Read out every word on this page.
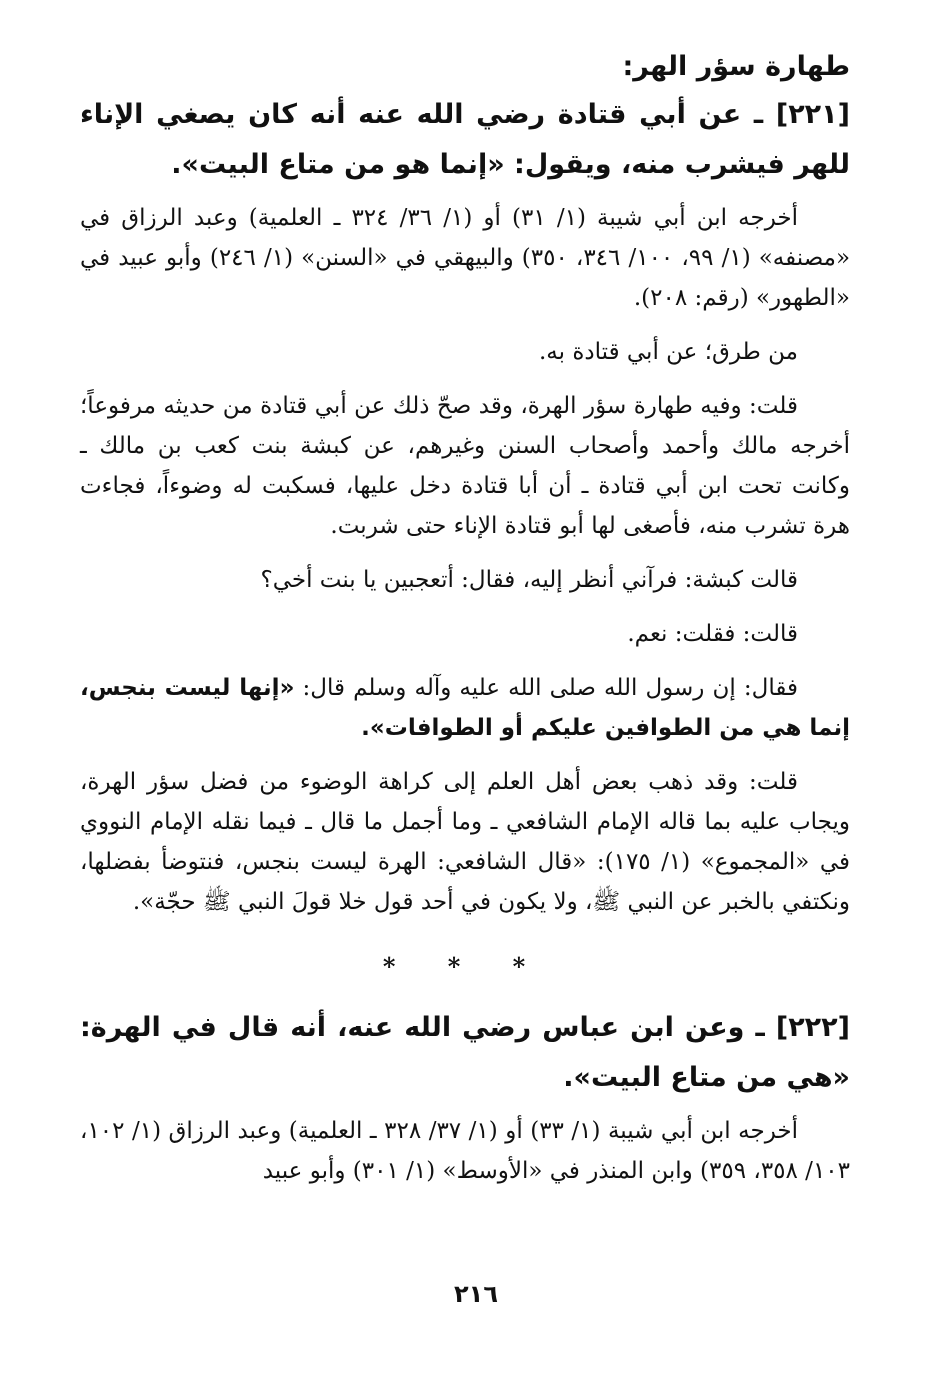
طهارة سؤر الهر:
[٢٢١] ـ عن أبي قتادة رضي الله عنه أنه كان يصغي الإناء للهر فيشرب منه، ويقول: «إنما هو من متاع البيت».
أخرجه ابن أبي شيبة (١/ ٣١) أو (١/ ٣٦/ ٣٢٤ ـ العلمية) وعبد الرزاق في «مصنفه» (١/ ٩٩، ١٠٠/ ٣٤٦، ٣٥٠) والبيهقي في «السنن» (١/ ٢٤٦) وأبو عبيد في «الطهور» (رقم: ٢٠٨).
من طرق؛ عن أبي قتادة به.
قلت: وفيه طهارة سؤر الهرة، وقد صحّ ذلك عن أبي قتادة من حديثه مرفوعاً؛ أخرجه مالك وأحمد وأصحاب السنن وغيرهم، عن كبشة بنت كعب بن مالك ـ وكانت تحت ابن أبي قتادة ـ أن أبا قتادة دخل عليها، فسكبت له وضوءاً، فجاءت هرة تشرب منه، فأصغى لها أبو قتادة الإناء حتى شربت.
قالت كبشة: فرآني أنظر إليه، فقال: أتعجبين يا بنت أخي؟
قالت: فقلت: نعم.
فقال: إن رسول الله صلى الله عليه وآله وسلم قال: «إنها ليست بنجس، إنما هي من الطوافين عليكم أو الطوافات».
قلت: وقد ذهب بعض أهل العلم إلى كراهة الوضوء من فضل سؤر الهرة، ويجاب عليه بما قاله الإمام الشافعي ـ وما أجمل ما قال ـ فيما نقله الإمام النووي في «المجموع» (١/ ١٧٥): «قال الشافعي: الهرة ليست بنجس، فنتوضأ بفضلها، ونكتفي بالخبر عن النبي ﷺ، ولا يكون في أحد قول خلا قولَ النبي ﷺ حجّة».
* * *
[٢٢٢] ـ وعن ابن عباس رضي الله عنه، أنه قال في الهرة: «هي من متاع البيت».
أخرجه ابن أبي شيبة (١/ ٣٣) أو (١/ ٣٧/ ٣٢٨ ـ العلمية) وعبد الرزاق (١/ ١٠٢، ١٠٣/ ٣٥٨، ٣٥٩) وابن المنذر في «الأوسط» (١/ ٣٠١) وأبو عبيد
٢١٦
